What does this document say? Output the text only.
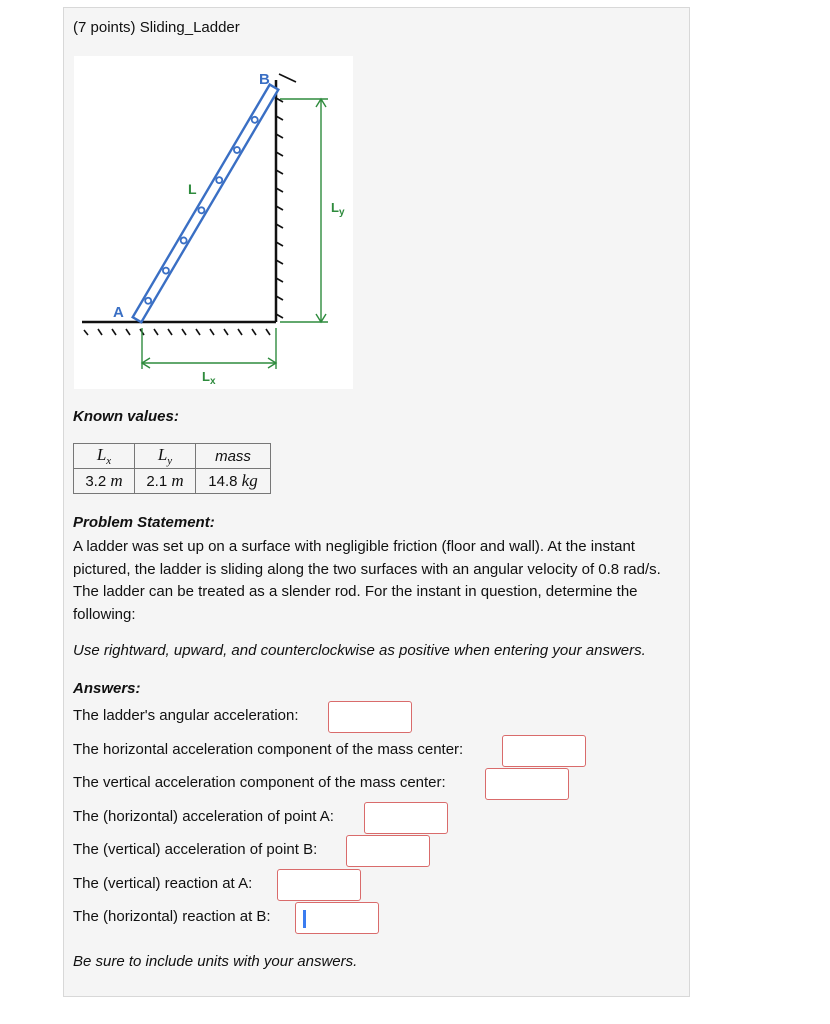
(7 points) Sliding_Ladder
B
L
A
$L_y$
$L_x$
Known values:
$L_x$	$L_y$	mass
3.2 m	2.1 m	14.8 kg
Problem Statement:
A ladder was set up on a surface with negligible friction (floor and wall). At the instant pictured, the ladder is sliding along the two surfaces with an angular velocity of 0.8 rad/s. The ladder can be treated as a slender rod. For the instant in question, determine the following:
Use rightward, upward, and counterclockwise as positive when entering your answers.
Answers:
The ladder's angular acceleration:
The horizontal acceleration component of the mass center:
The vertical acceleration component of the mass center:
The (horizontal) acceleration of point A:
The (vertical) acceleration of point B:
The (vertical) reaction at A:
The (horizontal) reaction at B:
Be sure to include units with your answers.
